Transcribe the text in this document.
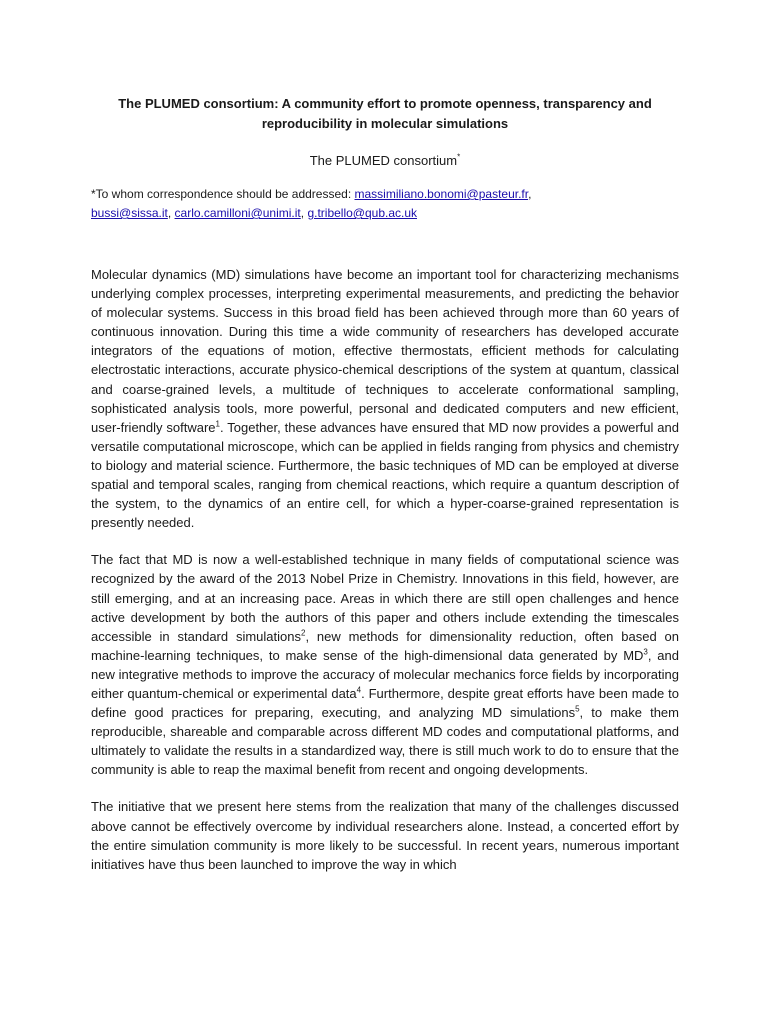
The PLUMED consortium: A community effort to promote openness, transparency and
reproducibility in molecular simulations
The PLUMED consortium*
*To whom correspondence should be addressed: massimiliano.bonomi@pasteur.fr,
bussi@sissa.it, carlo.camilloni@unimi.it, g.tribello@qub.ac.uk

Molecular dynamics (MD) simulations have become an important tool for characterizing mechanisms underlying complex processes, interpreting experimental measurements, and predicting the behavior of molecular systems. Success in this broad field has been achieved through more than 60 years of continuous innovation. During this time a wide community of researchers has developed accurate integrators of the equations of motion, effective thermostats, efficient methods for calculating electrostatic interactions, accurate physico-chemical descriptions of the system at quantum, classical and coarse-grained levels, a multitude of techniques to accelerate conformational sampling, sophisticated analysis tools, more powerful, personal and dedicated computers and new efficient, user-friendly software$^1$. Together, these advances have ensured that MD now provides a powerful and versatile computational microscope, which can be applied in fields ranging from physics and chemistry to biology and material science. Furthermore, the basic techniques of MD can be employed at diverse spatial and temporal scales, ranging from chemical reactions, which require a quantum description of the system, to the dynamics of an entire cell, for which a hyper-coarse-grained representation is presently needed.

The fact that MD is now a well-established technique in many fields of computational science was recognized by the award of the 2013 Nobel Prize in Chemistry. Innovations in this field, however, are still emerging, and at an increasing pace. Areas in which there are still open challenges and hence active development by both the authors of this paper and others include extending the timescales accessible in standard simulations$^2$, new methods for dimensionality reduction, often based on machine-learning techniques, to make sense of the high-dimensional data generated by $MD^3$, and new integrative methods to improve the accuracy of molecular mechanics force fields by incorporating either quantum-chemical or experimental data$^4$. Furthermore, despite great efforts have been made to define good practices for preparing, executing, and analyzing MD simulations$^5$, to make them reproducible, shareable and comparable across different MD codes and computational platforms, and ultimately to validate the results in a standardized way, there is still much work to do to ensure that the community is able to reap the maximal benefit from recent and ongoing developments.

The initiative that we present here stems from the realization that many of the challenges discussed above cannot be effectively overcome by individual researchers alone. Instead, a concerted effort by the entire simulation community is more likely to be successful. In recent years, numerous important initiatives have thus been launched to improve the way in which
